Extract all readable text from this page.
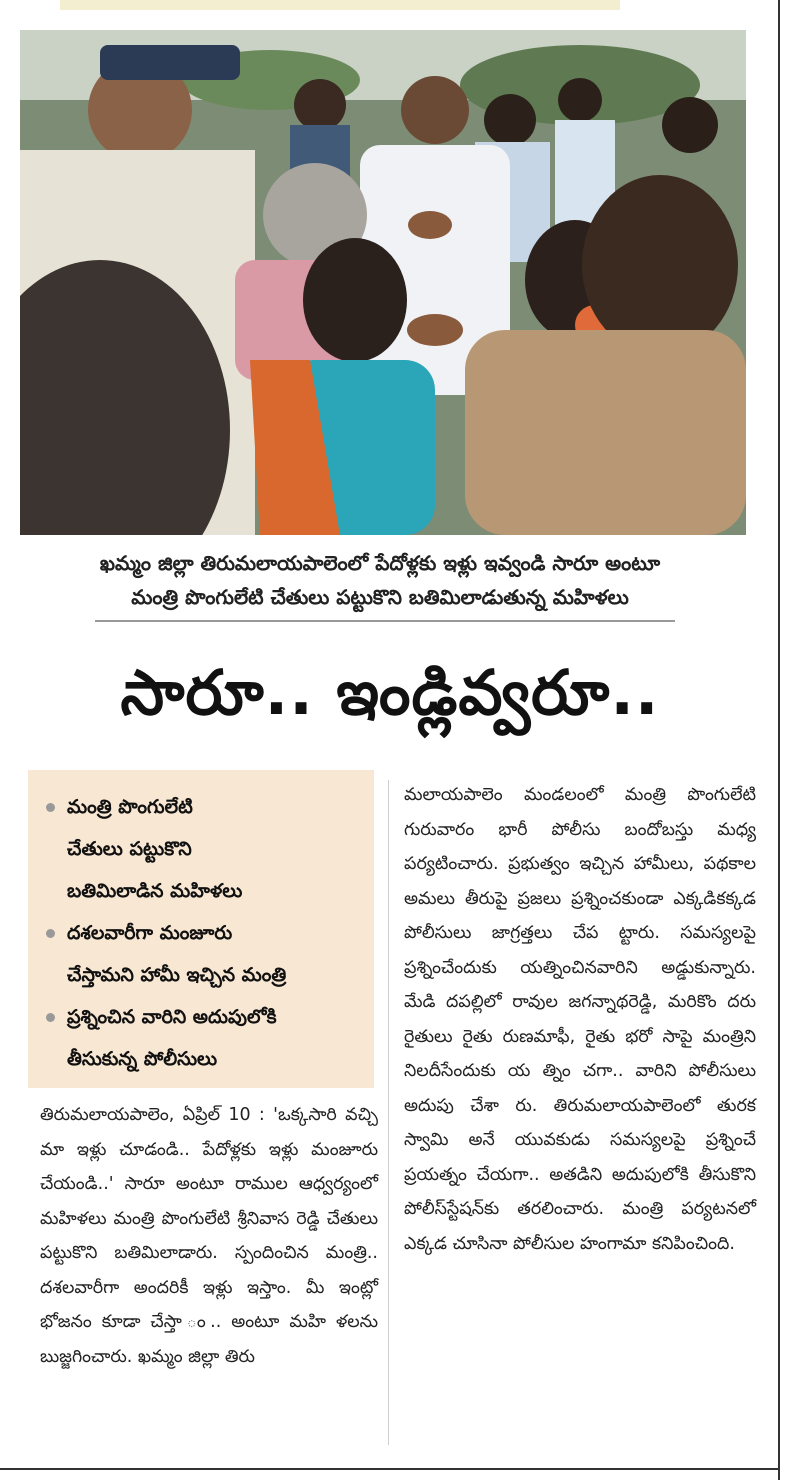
ఖమ్మం జిల్లా తిరుమలాయపాలెంలో పేదోళ్లకు ఇళ్లు ఇవ్వండి సారూ అంటూ
మంత్రి పొంగులేటి చేతులు పట్టుకొని బతిమిలాడుతున్న మహిళలు
సారూ.. ఇండ్లివ్వరూ..
మంత్రి పొంగులేటి
చేతులు పట్టుకొని
బతిమిలాడిన మహిళలు
దశలవారీగా మంజూరు
చేస్తామని హామీ ఇచ్చిన మంత్రి
ప్రశ్నించిన వారిని అదుపులోకి
తీసుకున్న పోలీసులు
తిరుమలాయపాలెం, ఏప్రిల్ 10 : 'ఒక్కసారి వచ్చి మా ఇళ్లు చూడండి.. పేదోళ్లకు ఇళ్లు మంజూరు చేయండి..' సారూ అంటూ రాముల ఆధ్వర్యంలో మహిళలు మంత్రి పొంగులేటి శ్రీనివాస రెడ్డి చేతులు పట్టుకొని బతిమిలాడారు. స్పందించిన మంత్రి.. దశలవారీగా అందరికీ ఇళ్లు ఇస్తాం. మీ ఇంట్లో భోజనం కూడా చేస్తా ం.. అంటూ మహి ళలను బుజ్జగించారు. ఖమ్మం జిల్లా తిరు
మలాయపాలెం మండలంలో మంత్రి పొంగులేటి గురువారం భారీ పోలీసు బందోబస్తు మధ్య పర్యటించారు. ప్రభుత్వం ఇచ్చిన హామీలు, పథకాల అమలు తీరుపై ప్రజలు ప్రశ్నించకుండా ఎక్కడికక్కడ పోలీసులు జాగ్రత్తలు చేప ట్టారు. సమస్యలపై ప్రశ్నించేందుకు యత్నించినవారిని అడ్డుకున్నారు. మేడి దపల్లిలో రావుల జగన్నాథరెడ్డి, మరికొం దరు రైతులు రైతు రుణమాఫీ, రైతు భరో సాపై మంత్రిని నిలదీసేందుకు య త్నిం చగా.. వారిని పోలీసులు అదుపు చేశా రు. తిరుమలాయపాలెంలో తురక స్వామి అనే యువకుడు సమస్యలపై ప్రశ్నించే ప్రయత్నం చేయగా.. అతడిని అదుపులోకి తీసుకొని పోలీస్‌స్టేషన్‌కు తరలించారు. మంత్రి పర్యటనలో ఎక్కడ చూసినా పోలీసుల హంగామా కనిపించింది.
